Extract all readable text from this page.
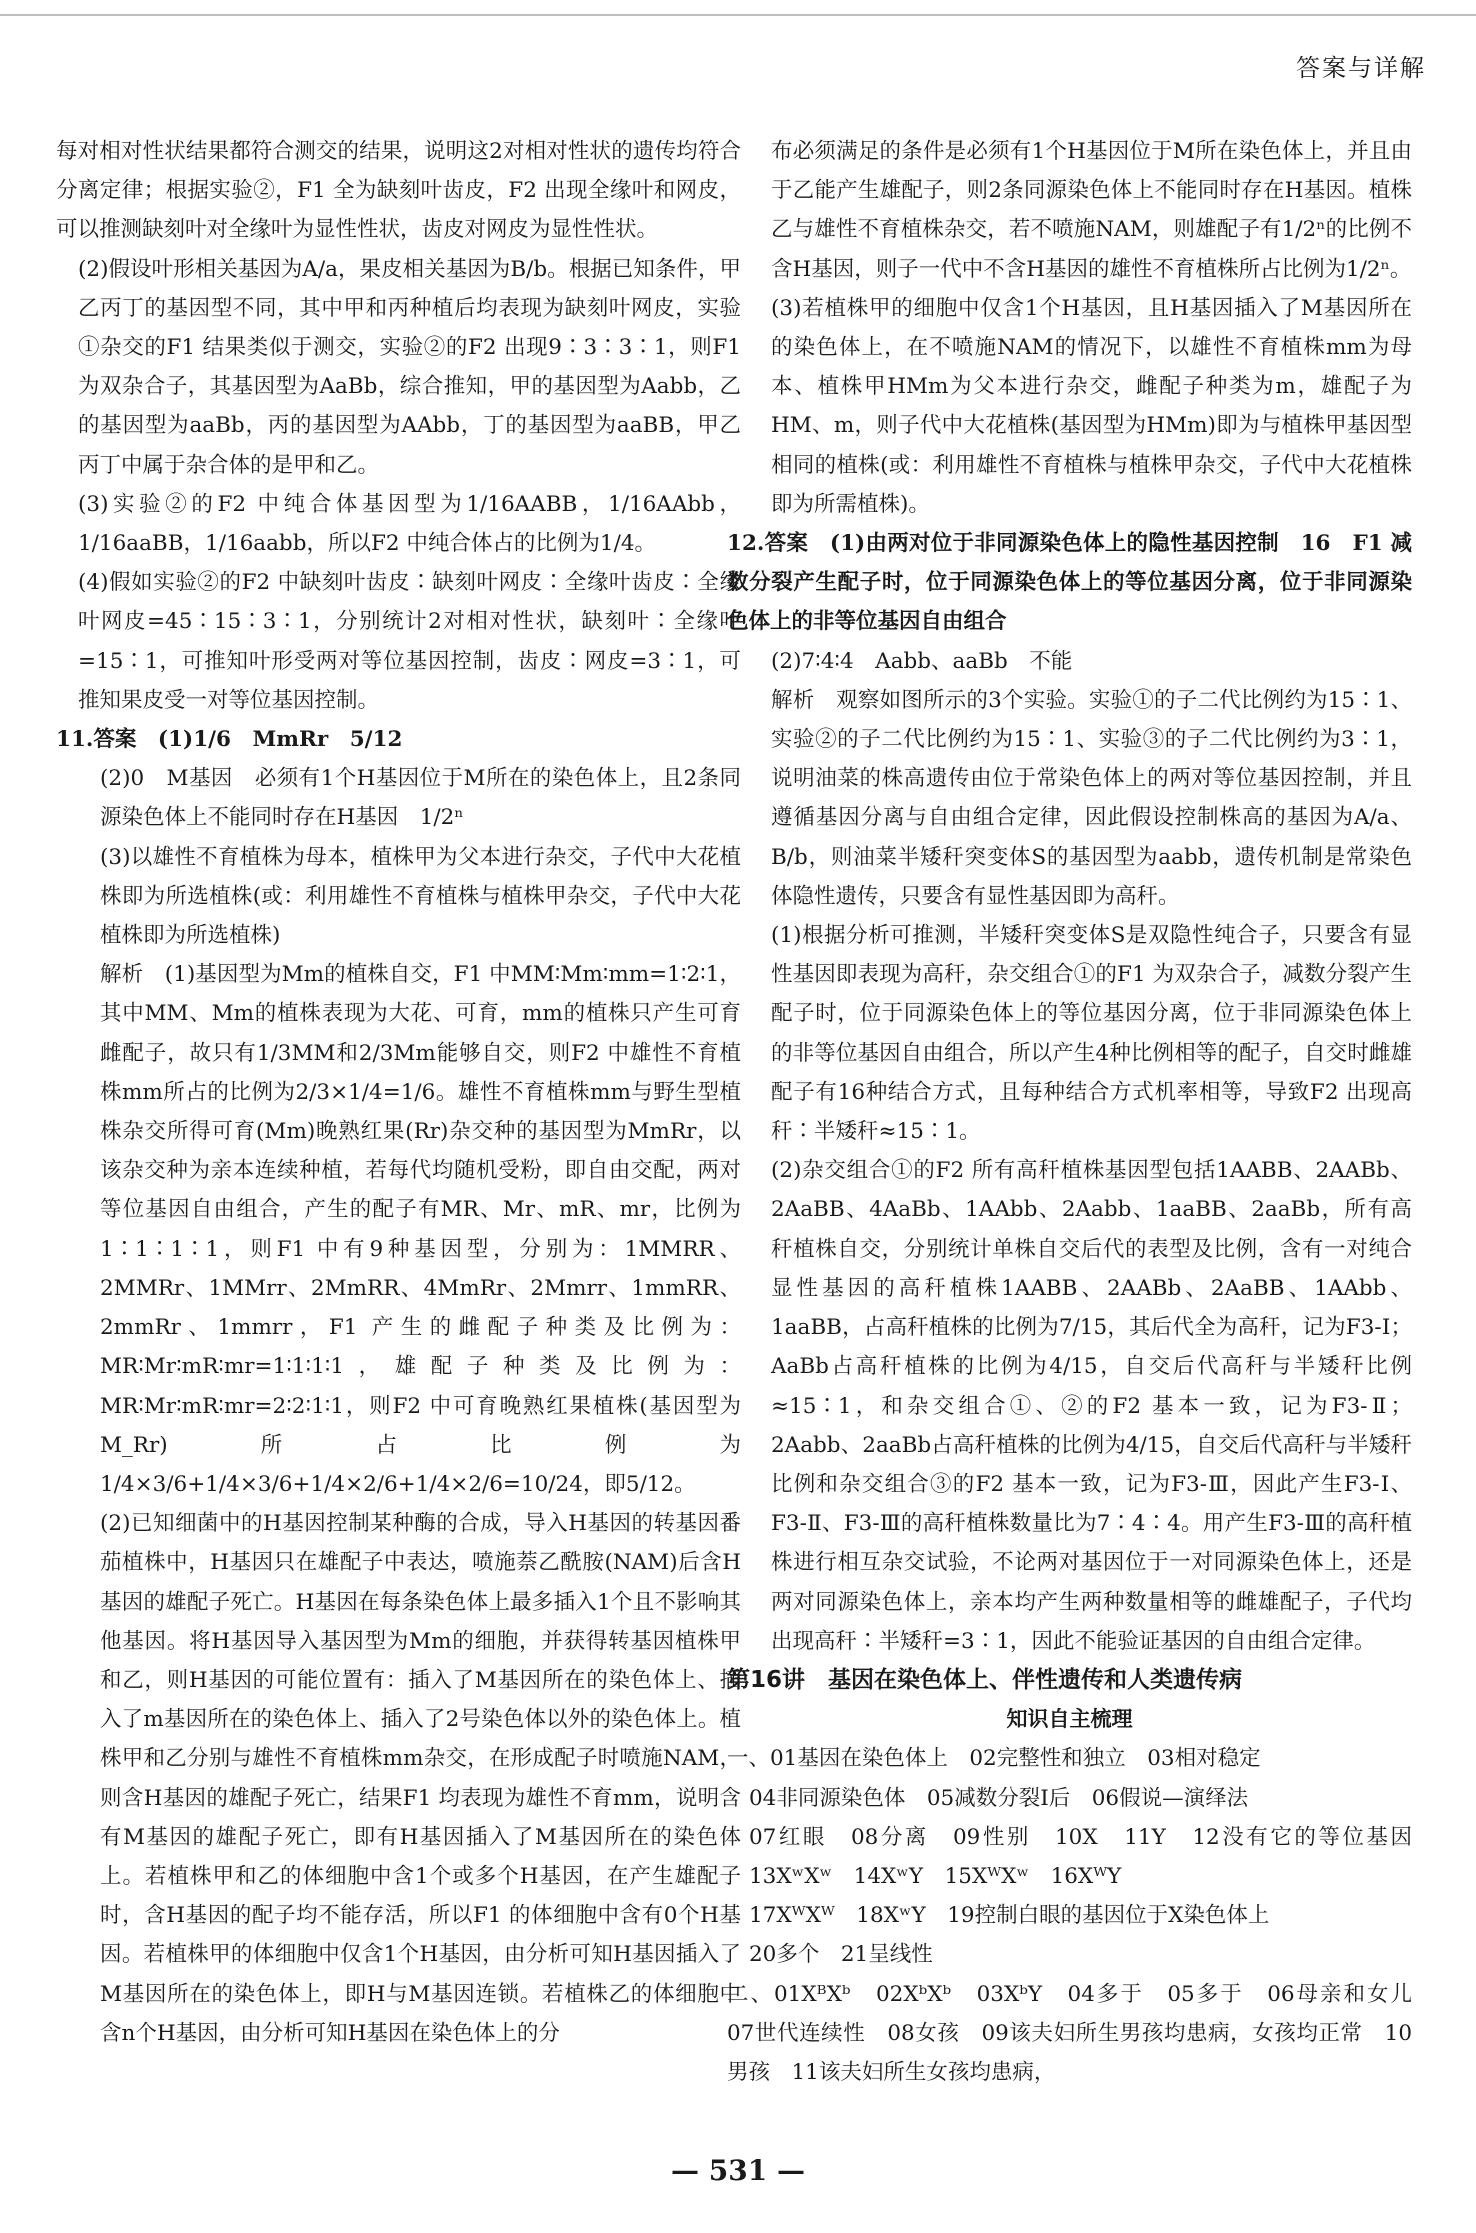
答案与详解

每对相对性状结果都符合测交的结果，说明这2对相对性状的遗传均符合分离定律；根据实验②，F1 全为缺刻叶齿皮，F2 出现全缘叶和网皮，可以推测缺刻叶对全缘叶为显性性状，齿皮对网皮为显性性状。

(2)假设叶形相关基因为A/a，果皮相关基因为B/b。根据已知条件，甲乙丙丁的基因型不同，其中甲和丙种植后均表现为缺刻叶网皮，实验①杂交的F1 结果类似于测交，实验②的F2 出现9∶3∶3∶1，则F1 为双杂合子，其基因型为AaBb，综合推知，甲的基因型为Aabb，乙的基因型为aaBb，丙的基因型为AAbb，丁的基因型为aaBB，甲乙丙丁中属于杂合体的是甲和乙。

(3)实验②的F2 中纯合体基因型为1/16AABB，1/16AAbb，1/16aaBB，1/16aabb，所以F2 中纯合体占的比例为1/4。

(4)假如实验②的F2 中缺刻叶齿皮∶缺刻叶网皮∶全缘叶齿皮∶全缘叶网皮=45∶15∶3∶1，分别统计2对相对性状，缺刻叶∶全缘叶=15∶1，可推知叶形受两对等位基因控制，齿皮∶网皮=3∶1，可推知果皮受一对等位基因控制。

11.答案　(1)1/6　MmRr　5/12

(2)0　M基因　必须有1个H基因位于M所在的染色体上，且2条同源染色体上不能同时存在H基因　1/2ⁿ

(3)以雄性不育植株为母本，植株甲为父本进行杂交，子代中大花植株即为所选植株(或：利用雄性不育植株与植株甲杂交，子代中大花植株即为所选植株)

解析　(1)基因型为Mm的植株自交，F1 中MM∶Mm∶mm=1∶2∶1，其中MM、Mm的植株表现为大花、可育，mm的植株只产生可育雌配子，故只有1/3MM和2/3Mm能够自交，则F2 中雄性不育植株mm所占的比例为2/3×1/4=1/6。雄性不育植株mm与野生型植株杂交所得可育(Mm)晚熟红果(Rr)杂交种的基因型为MmRr，以该杂交种为亲本连续种植，若每代均随机受粉，即自由交配，两对等位基因自由组合，产生的配子有MR、Mr、mR、mr，比例为1∶1∶1∶1，则F1 中有9种基因型，分别为：1MMRR、2MMRr、1MMrr、2MmRR、4MmRr、2Mmrr、1mmRR、2mmRr、1mmrr，F1 产生的雌配子种类及比例为：MR∶Mr∶mR∶mr=1∶1∶1∶1，雄配子种类及比例为：MR∶Mr∶mR∶mr=2∶2∶1∶1，则F2 中可育晚熟红果植株(基因型为M_Rr)所占比例为1/4×3/6+1/4×3/6+1/4×2/6+1/4×2/6=10/24，即5/12。

(2)已知细菌中的H基因控制某种酶的合成，导入H基因的转基因番茄植株中，H基因只在雄配子中表达，喷施萘乙酰胺(NAM)后含H基因的雄配子死亡。H基因在每条染色体上最多插入1个且不影响其他基因。将H基因导入基因型为Mm的细胞，并获得转基因植株甲和乙，则H基因的可能位置有：插入了M基因所在的染色体上、插入了m基因所在的染色体上、插入了2号染色体以外的染色体上。植株甲和乙分别与雄性不育植株mm杂交，在形成配子时喷施NAM，则含H基因的雄配子死亡，结果F1 均表现为雄性不育mm，说明含有M基因的雄配子死亡，即有H基因插入了M基因所在的染色体上。若植株甲和乙的体细胞中含1个或多个H基因，在产生雄配子时，含H基因的配子均不能存活，所以F1 的体细胞中含有0个H基因。若植株甲的体细胞中仅含1个H基因，由分析可知H基因插入了M基因所在的染色体上，即H与M基因连锁。若植株乙的体细胞中含n个H基因，由分析可知H基因在染色体上的分

布必须满足的条件是必须有1个H基因位于M所在染色体上，并且由于乙能产生雄配子，则2条同源染色体上不能同时存在H基因。植株乙与雄性不育植株杂交，若不喷施NAM，则雄配子有1/2ⁿ的比例不含H基因，则子一代中不含H基因的雄性不育植株所占比例为1/2ⁿ。

(3)若植株甲的细胞中仅含1个H基因，且H基因插入了M基因所在的染色体上，在不喷施NAM的情况下，以雄性不育植株mm为母本、植株甲HMm为父本进行杂交，雌配子种类为m，雄配子为HM、m，则子代中大花植株(基因型为HMm)即为与植株甲基因型相同的植株(或：利用雄性不育植株与植株甲杂交，子代中大花植株即为所需植株)。

12.答案　(1)由两对位于非同源染色体上的隐性基因控制　16　F1 减数分裂产生配子时，位于同源染色体上的等位基因分离，位于非同源染色体上的非等位基因自由组合

(2)7∶4∶4　Aabb、aaBb　不能

解析　观察如图所示的3个实验。实验①的子二代比例约为15∶1、实验②的子二代比例约为15∶1、实验③的子二代比例约为3∶1，说明油菜的株高遗传由位于常染色体上的两对等位基因控制，并且遵循基因分离与自由组合定律，因此假设控制株高的基因为A/a、B/b，则油菜半矮秆突变体S的基因型为aabb，遗传机制是常染色体隐性遗传，只要含有显性基因即为高秆。

(1)根据分析可推测，半矮秆突变体S是双隐性纯合子，只要含有显性基因即表现为高秆，杂交组合①的F1 为双杂合子，减数分裂产生配子时，位于同源染色体上的等位基因分离，位于非同源染色体上的非等位基因自由组合，所以产生4种比例相等的配子，自交时雌雄配子有16种结合方式，且每种结合方式机率相等，导致F2 出现高秆∶半矮秆≈15∶1。

(2)杂交组合①的F2 所有高秆植株基因型包括1AABB、2AABb、2AaBB、4AaBb、1AAbb、2Aabb、1aaBB、2aaBb，所有高秆植株自交，分别统计单株自交后代的表型及比例，含有一对纯合显性基因的高秆植株1AABB、2AABb、2AaBB、1AAbb、1aaBB，占高秆植株的比例为7/15，其后代全为高秆，记为F3-Ⅰ；AaBb占高秆植株的比例为4/15，自交后代高秆与半矮秆比例≈15∶1，和杂交组合①、②的F2 基本一致，记为F3-Ⅱ；2Aabb、2aaBb占高秆植株的比例为4/15，自交后代高秆与半矮秆比例和杂交组合③的F2 基本一致，记为F3-Ⅲ，因此产生F3-Ⅰ、F3-Ⅱ、F3-Ⅲ的高秆植株数量比为7∶4∶4。用产生F3-Ⅲ的高秆植株进行相互杂交试验，不论两对基因位于一对同源染色体上，还是两对同源染色体上，亲本均产生两种数量相等的雌雄配子，子代均出现高秆∶半矮秆=3∶1，因此不能验证基因的自由组合定律。

第16讲　基因在染色体上、伴性遗传和人类遗传病

知识自主梳理

一、01基因在染色体上　02完整性和独立　03相对稳定

04非同源染色体　05减数分裂Ⅰ后　06假说—演绎法

07红眼　08分离　09性别　10X　11Y　12没有它的等位基因　13XʷXʷ　14XʷY　15XᵂXʷ　16XᵂY

17XᵂXᵂ　18XʷY　19控制白眼的基因位于X染色体上

20多个　21呈线性

二、01XᴮXᵇ　02XᵇXᵇ　03XᵇY　04多于　05多于　06母亲和女儿　07世代连续性　08女孩　09该夫妇所生男孩均患病，女孩均正常　10男孩　11该夫妇所生女孩均患病，

— 531 —
